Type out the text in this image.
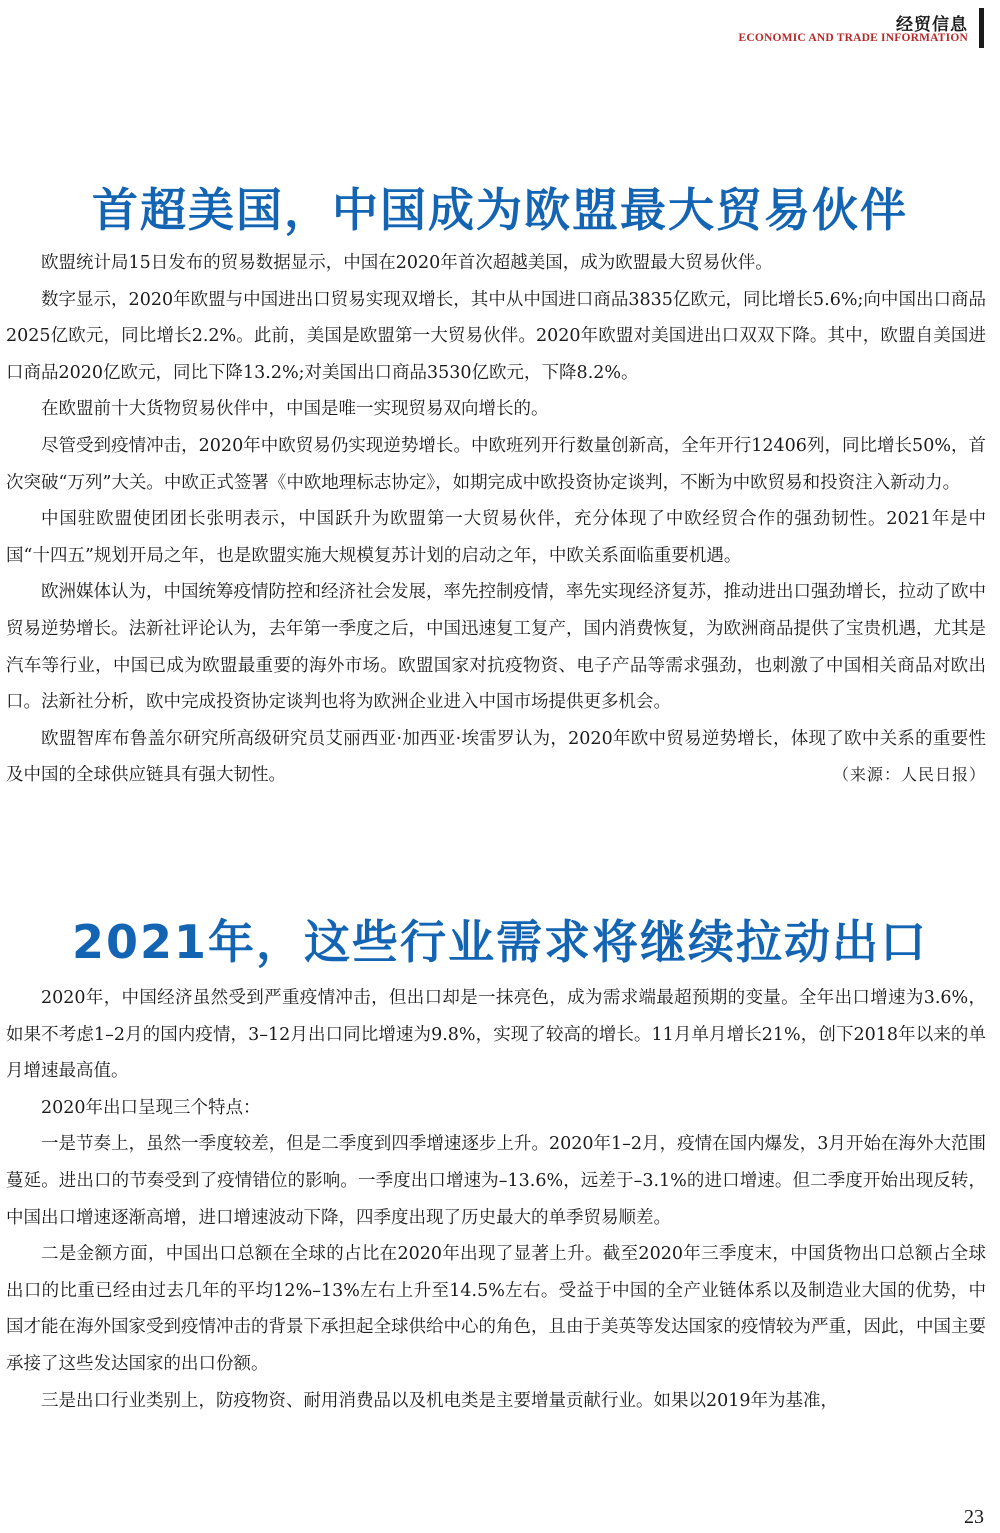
经贸信息
ECONOMIC AND TRADE INFORMATION
首超美国，中国成为欧盟最大贸易伙伴

欧盟统计局15日发布的贸易数据显示，中国在2020年首次超越美国，成为欧盟最大贸易伙伴。

数字显示，2020年欧盟与中国进出口贸易实现双增长，其中从中国进口商品3835亿欧元，同比增长5.6%;向中国出口商品2025亿欧元，同比增长2.2%。此前，美国是欧盟第一大贸易伙伴。2020年欧盟对美国进出口双双下降。其中，欧盟自美国进口商品2020亿欧元，同比下降13.2%;对美国出口商品3530亿欧元，下降8.2%。

在欧盟前十大货物贸易伙伴中，中国是唯一实现贸易双向增长的。

尽管受到疫情冲击，2020年中欧贸易仍实现逆势增长。中欧班列开行数量创新高，全年开行12406列，同比增长50%，首次突破“万列”大关。中欧正式签署《中欧地理标志协定》，如期完成中欧投资协定谈判，不断为中欧贸易和投资注入新动力。

中国驻欧盟使团团长张明表示，中国跃升为欧盟第一大贸易伙伴，充分体现了中欧经贸合作的强劲韧性。2021年是中国“十四五”规划开局之年，也是欧盟实施大规模复苏计划的启动之年，中欧关系面临重要机遇。

欧洲媒体认为，中国统筹疫情防控和经济社会发展，率先控制疫情，率先实现经济复苏，推动进出口强劲增长，拉动了欧中贸易逆势增长。法新社评论认为，去年第一季度之后，中国迅速复工复产，国内消费恢复，为欧洲商品提供了宝贵机遇，尤其是汽车等行业，中国已成为欧盟最重要的海外市场。欧盟国家对抗疫物资、电子产品等需求强劲，也刺激了中国相关商品对欧出口。法新社分析，欧中完成投资协定谈判也将为欧洲企业进入中国市场提供更多机会。

欧盟智库布鲁盖尔研究所高级研究员艾丽西亚·加西亚·埃雷罗认为，2020年欧中贸易逆势增长，体现了欧中关系的重要性及中国的全球供应链具有强大韧性。	（来源：人民日报）

2021年，这些行业需求将继续拉动出口

2020年，中国经济虽然受到严重疫情冲击，但出口却是一抹亮色，成为需求端最超预期的变量。全年出口增速为3.6%，如果不考虑1–2月的国内疫情，3–12月出口同比增速为9.8%，实现了较高的增长。11月单月增长21%，创下2018年以来的单月增速最高值。

2020年出口呈现三个特点：

一是节奏上，虽然一季度较差，但是二季度到四季增速逐步上升。2020年1–2月，疫情在国内爆发，3月开始在海外大范围蔓延。进出口的节奏受到了疫情错位的影响。一季度出口增速为–13.6%，远差于–3.1%的进口增速。但二季度开始出现反转，中国出口增速逐渐高增，进口增速波动下降，四季度出现了历史最大的单季贸易顺差。

二是金额方面，中国出口总额在全球的占比在2020年出现了显著上升。截至2020年三季度末，中国货物出口总额占全球出口的比重已经由过去几年的平均12%–13%左右上升至14.5%左右。受益于中国的全产业链体系以及制造业大国的优势，中国才能在海外国家受到疫情冲击的背景下承担起全球供给中心的角色，且由于美英等发达国家的疫情较为严重，因此，中国主要承接了这些发达国家的出口份额。

三是出口行业类别上，防疫物资、耐用消费品以及机电类是主要增量贡献行业。如果以2019年为基准，

23
